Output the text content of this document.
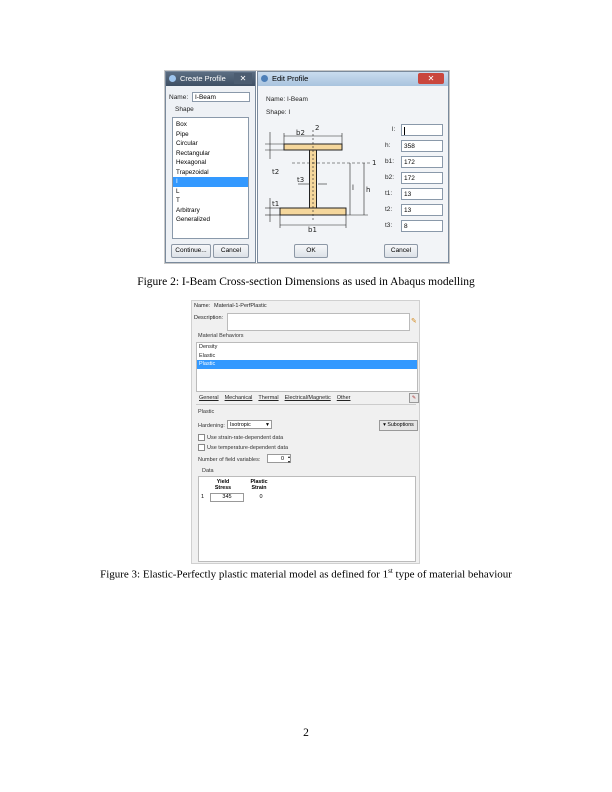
Create Profile	✕
Name:	I-Beam
Shape
Box
Pipe
Circular
Rectangular
Hexagonal
Trapezoidal
I
L
T
Arbitrary
Generalized
Continue...	Cancel
Edit Profile	✕
Name: I-Beam
Shape: I
2
1
b2
t2
t3
t1
l h
b1
l:
h:	358
b1:	172
b2:	172
t1:	13
t2:	13
t3:	8
OK	Cancel
Figure 2: I-Beam Cross-section Dimensions as used in Abaqus modelling
Name: Material-1-PerfPlastic
Description:	✎
Material Behaviors
Density
Elastic
Plastic
General Mechanical Thermal Electrical/Magnetic Other	✎
Plastic
Hardening: Isotropic	▼	▾ Suboptions
Use strain-rate-dependent data
Use temperature-dependent data
Number of field variables:	0 ▴
▾
Data
Yield Stress
Plastic Strain
1	345	0
Figure 3: Elastic-Perfectly plastic material model as defined for 1st type of material behaviour
2
